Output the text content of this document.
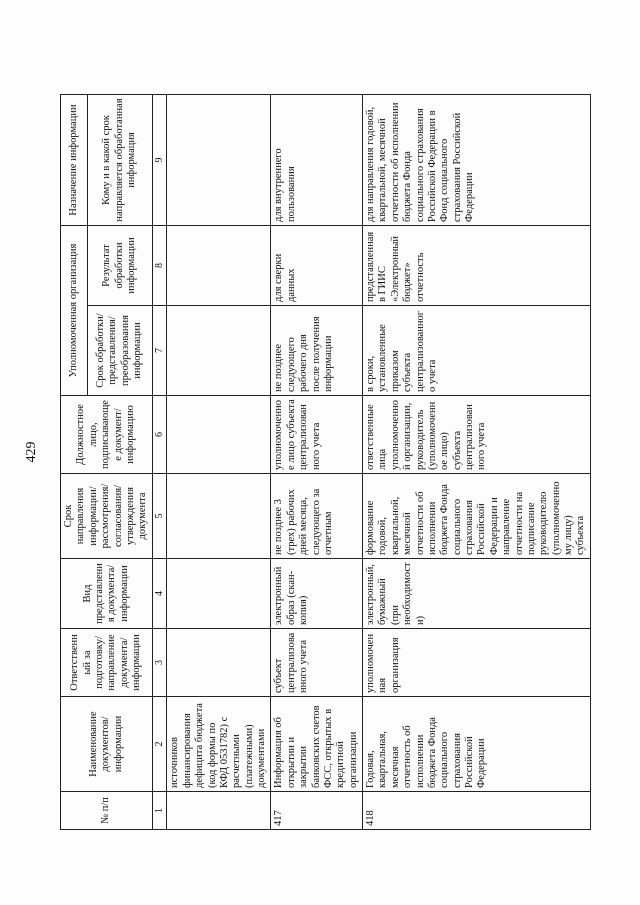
429
№ п/п	Наименование документов/ информации	Ответственный за подготовку/ направление документа/ информации	Вид представления документа/ информации	Срок направления информации/ рассмотрения/ согласования/ утверждения документа	Должностное лицо, подписывающее документ/ информацию	Уполномоченная организация		Назначение информации
						Срок обработки/ представления/ преобразования информации	Результат обработки информации	Кому и в какой срок направляется обработанная информация
1	2	3	4	5	6	7	8	9
	источников финансирования дефицита бюджета (код формы по КФД 0531782) с расчетными (платежными) документами							
417	Информация об открытии и закрытии банковских счетов ФСС, открытых в кредитной организации	субъект централизованного учета	электронный образ (скан-копия)	не позднее 3 (трех) рабочих дней месяца, следующего за отчетным	уполномоченное лицо субъекта централизованного учета	не позднее следующего рабочего дня после получения информации	для сверки данных	для внутреннего пользования
418	Годовая, квартальная, месячная отчетность об исполнении бюджета Фонда социального страхования Российской Федерации	уполномоченная организация	электронный, бумажный (при необходимости)	формование годовой, квартальной, месячной отчетности об исполнении бюджета Фонда социального страхования Российской Федерации и направление отчетности на подписание руководителю (уполномоченному лицу) субъекта	ответственные лица уполномоченной организации, руководитель (уполномоченное лицо) субъекта централизованного учета	в сроки, установленные приказом субъекта централизованного учета	представленная в ГИИС «Электронный бюджет» отчетность	для направления годовой, квартальной, месячной отчетности об исполнении бюджета Фонда социального страхования Российской Федерации в Фонд социального страхования Российской Федерации
